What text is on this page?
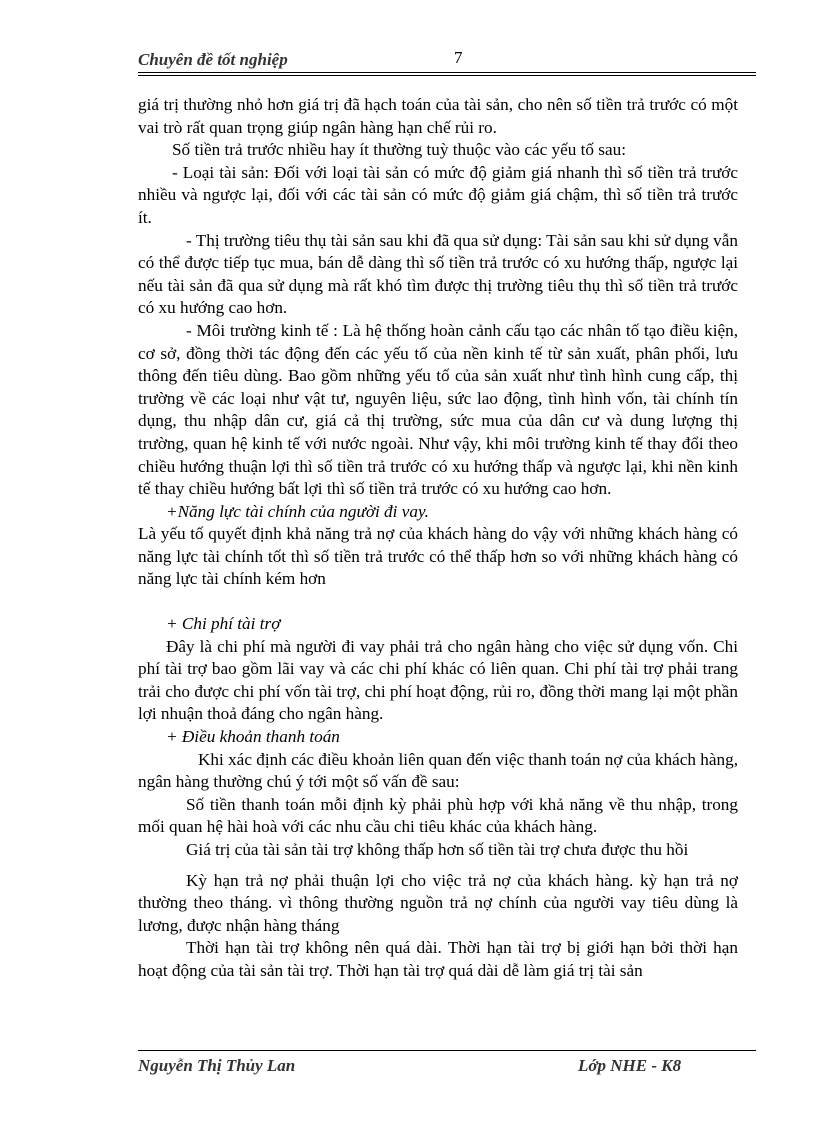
Chuyên đề tốt nghiệp	7

giá trị thường nhỏ hơn giá trị đã hạch toán của tài sản, cho nên số tiền trả trước có một vai trò rất quan trọng giúp ngân hàng hạn chế rủi ro.

Số tiền trả trước nhiều hay ít thường tuỳ thuộc vào các yếu tố sau:

- Loại tài sản: Đối với loại tài sản có mức độ giảm giá nhanh thì số tiền trả trước nhiều và ngược lại, đối với các tài sản có mức độ giảm giá chậm, thì số tiền trả trước ít.

- Thị trường tiêu thụ tài sản sau khi đã qua sử dụng: Tài sản sau khi sử dụng vẫn có thể được tiếp tục mua, bán dễ dàng thì số tiền trả trước có xu hướng thấp, ngược lại nếu tài sản đã qua sử dụng mà rất khó tìm được thị trường tiêu thụ thì số tiền trả trước có xu hướng cao hơn.

- Môi trường kinh tế : Là hệ thống hoàn cảnh cấu tạo các nhân tố tạo điều kiện, cơ sở, đồng thời tác động đến các yếu tố của nền kinh tế từ sản xuất, phân phối, lưu thông đến tiêu dùng. Bao gồm những yếu tố của sản xuất như tình hình cung cấp, thị trường về các loại như vật tư, nguyên liệu, sức lao động, tình hình vốn, tài chính tín dụng, thu nhập dân cư, giá cả thị trường, sức mua của dân cư và dung lượng thị trường, quan hệ kinh tế với nước ngoài. Như vậy, khi môi trường kinh tế thay đổi theo chiều hướng thuận lợi thì số tiền trả trước có xu hướng thấp và ngược lại, khi nền kinh tế thay chiều hướng bất lợi thì số tiền trả trước có xu hướng cao hơn.

+Năng lực tài chính của người đi vay.

Là yếu tố quyết định khả năng trả nợ của khách hàng do vậy với những khách hàng có năng lực tài chính tốt thì số tiền trả trước có thể thấp hơn so với những khách hàng có năng lực tài chính kém hơn

+ Chi phí tài trợ

Đây là chi phí mà người đi vay phải trả cho ngân hàng cho việc sử dụng vốn. Chi phí tài trợ bao gồm lãi vay và các chi phí khác có liên quan. Chi phí tài trợ phải trang trải cho được chi phí vốn tài trợ, chi phí hoạt động, rủi ro, đồng thời mang lại một phần lợi nhuận thoả đáng cho ngân hàng.

+ Điều khoản thanh toán

Khi xác định các điều khoản liên quan đến việc thanh toán nợ của khách hàng, ngân hàng thường chú ý tới một số vấn đề sau:

Số tiền thanh toán mỗi định kỳ phải phù hợp với khả năng về thu nhập, trong mối quan hệ hài hoà với các nhu cầu chi tiêu khác của khách hàng.

Giá trị của tài sản tài trợ không thấp hơn số tiền tài trợ chưa được thu hồi

Kỳ hạn trả nợ phải thuận lợi cho việc trả nợ của khách hàng. kỳ hạn trả nợ thường theo tháng. vì thông thường nguồn trả nợ chính của người vay tiêu dùng là lương, được nhận hàng tháng

Thời hạn tài trợ không nên quá dài. Thời hạn tài trợ bị giới hạn bởi thời hạn hoạt động của tài sản tài trợ. Thời hạn tài trợ quá dài dễ làm giá trị tài sản

Nguyễn Thị Thủy Lan	Lớp NHE - K8
